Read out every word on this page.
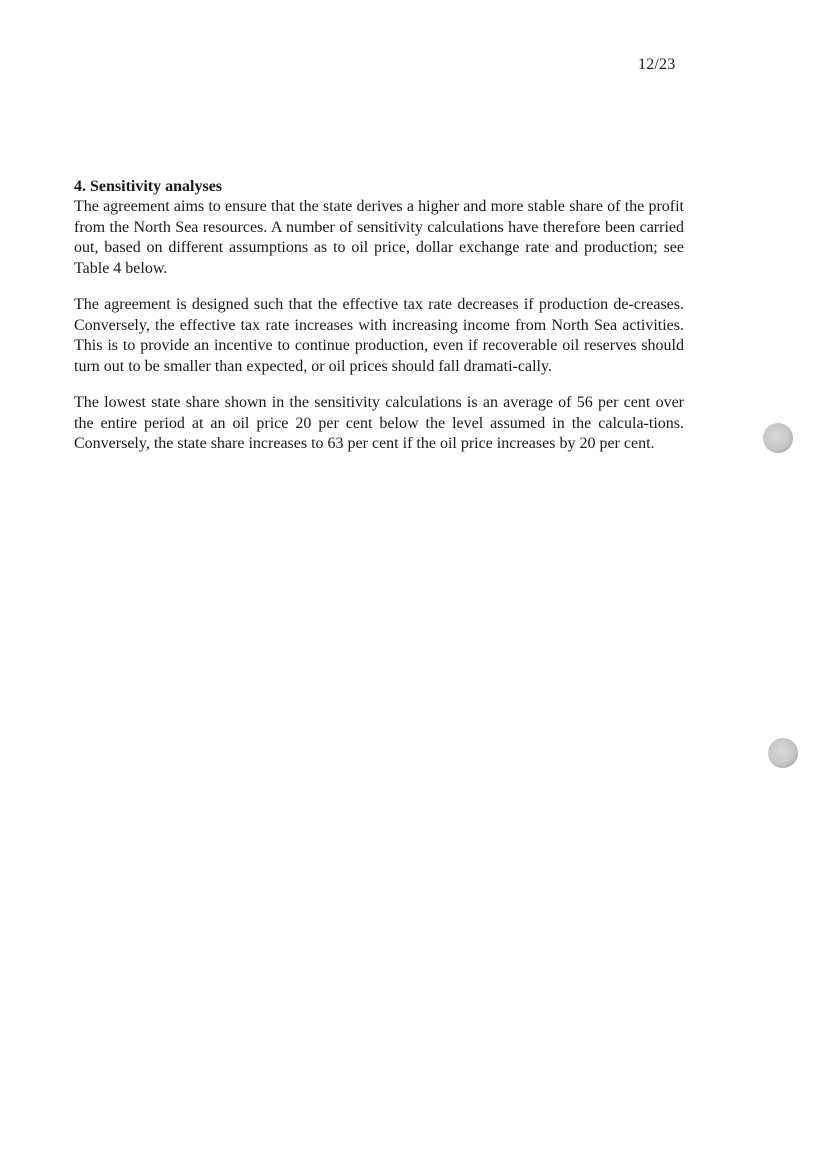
12/23
4. Sensitivity analyses

The agreement aims to ensure that the state derives a higher and more stable share of the profit from the North Sea resources. A number of sensitivity calculations have therefore been carried out, based on different assumptions as to oil price, dollar exchange rate and production; see Table 4 below.

The agreement is designed such that the effective tax rate decreases if production de-creases. Conversely, the effective tax rate increases with increasing income from North Sea activities. This is to provide an incentive to continue production, even if recoverable oil reserves should turn out to be smaller than expected, or oil prices should fall dramati-cally.

The lowest state share shown in the sensitivity calculations is an average of 56 per cent over the entire period at an oil price 20 per cent below the level assumed in the calcula-tions. Conversely, the state share increases to 63 per cent if the oil price increases by 20 per cent.
